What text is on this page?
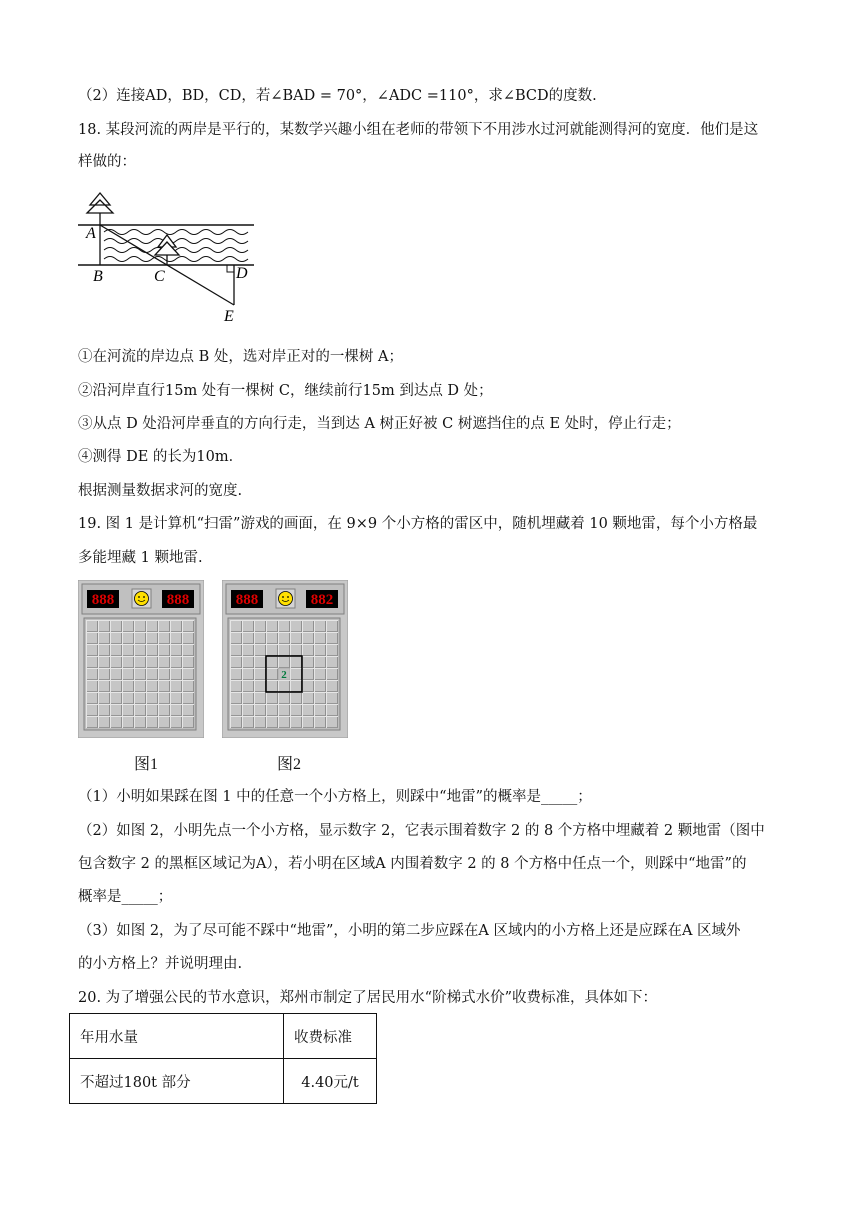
（2）连接AD，BD，CD，若∠BAD = 70°，∠ADC =110°，求∠BCD的度数.
18. 某段河流的两岸是平行的，某数学兴趣小组在老师的带领下不用涉水过河就能测得河的宽度．他们是这
样做的：
A
B	C	D
E
①在河流的岸边点 B 处，选对岸正对的一棵树 A；
②沿河岸直行15m 处有一棵树 C，继续前行15m 到达点 D 处；
③从点 D 处沿河岸垂直的方向行走，当到达 A 树正好被 C 树遮挡住的点 E 处时，停止行走；
④测得 DE 的长为10m．
根据测量数据求河的宽度.
19. 图 1 是计算机“扫雷”游戏的画面，在 9×9 个小方格的雷区中，随机埋藏着 10 颗地雷，每个小方格最
多能埋藏 1 颗地雷.
888	888	888	882
2
图1	图2
（1）小明如果踩在图 1 中的任意一个小方格上，则踩中“地雷”的概率是_____；
（2）如图 2，小明先点一个小方格，显示数字 2，它表示围着数字 2 的 8 个方格中埋藏着 2 颗地雷（图中
包含数字 2 的黑框区域记为A），若小明在区域A 内围着数字 2 的 8 个方格中任点一个，则踩中“地雷”的
概率是_____；
（3）如图 2，为了尽可能不踩中“地雷”，小明的第二步应踩在A 区域内的小方格上还是应踩在A 区域外
的小方格上？并说明理由.
20. 为了增强公民的节水意识，郑州市制定了居民用水“阶梯式水价”收费标准，具体如下：
年用水量	收费标准
不超过180t 部分	4.40元/t
